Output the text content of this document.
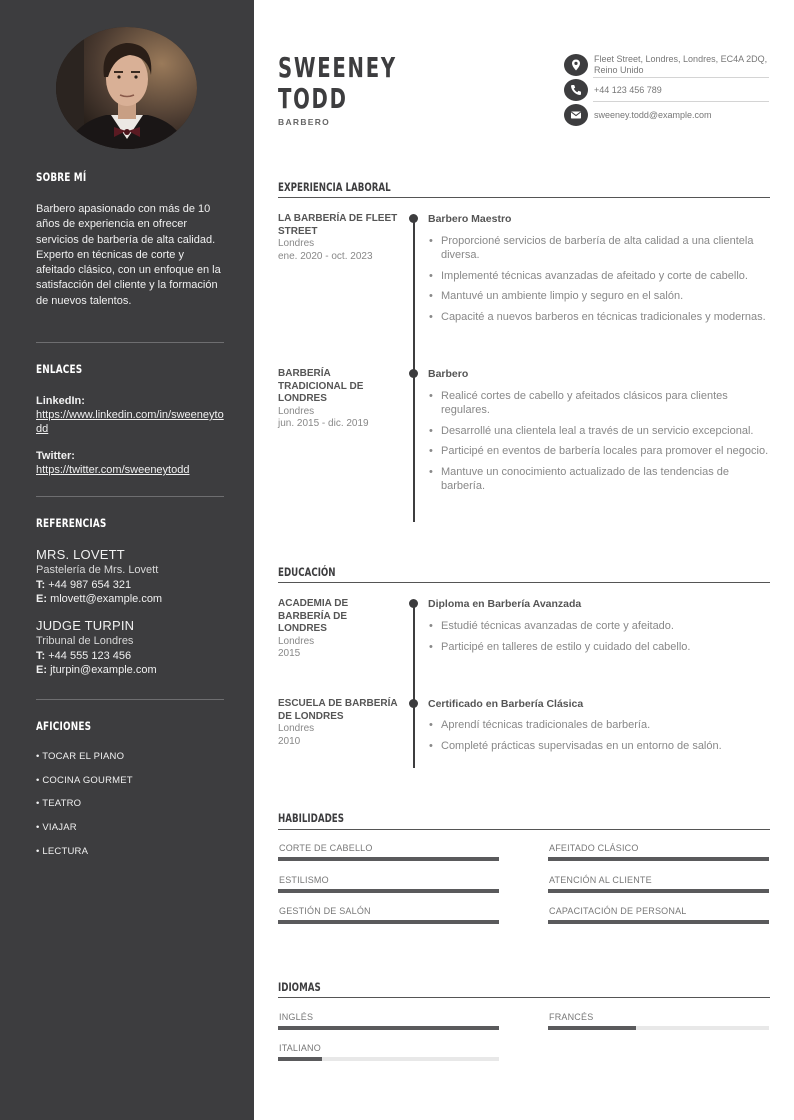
SOBRE MÍ

Barbero apasionado con más de 10 años de experiencia en ofrecer servicios de barbería de alta calidad. Experto en técnicas de corte y afeitado clásico, con un enfoque en la satisfacción del cliente y la formación de nuevos talentos.

ENLACES
LinkedIn:
https://www.linkedin.com/in/sweeneytodd
Twitter:
https://twitter.com/sweeneytodd
REFERENCIAS
MRS. LOVETT
Pastelería de Mrs. Lovett
T: +44 987 654 321
E: mlovett@example.com
JUDGE TURPIN
Tribunal de Londres
T: +44 555 123 456
E: jturpin@example.com
AFICIONES
• TOCAR EL PIANO
• COCINA GOURMET
• TEATRO
• VIAJAR
• LECTURA
SWEENEY
TODD
BARBERO
Fleet Street, Londres, Londres, EC4A 2DQ, Reino Unido
+44 123 456 789
sweeney.todd@example.com
EXPERIENCIA LABORAL
LA BARBERÍA DE FLEET STREET
Londres
ene. 2020 - oct. 2023
Barbero Maestro
• Proporcioné servicios de barbería de alta calidad a una clientela diversa.
• Implementé técnicas avanzadas de afeitado y corte de cabello.
• Mantuvé un ambiente limpio y seguro en el salón.
• Capacité a nuevos barberos en técnicas tradicionales y modernas.
BARBERÍA TRADICIONAL DE LONDRES
Londres
jun. 2015 - dic. 2019
Barbero
• Realicé cortes de cabello y afeitados clásicos para clientes regulares.
• Desarrollé una clientela leal a través de un servicio excepcional.
• Participé en eventos de barbería locales para promover el negocio.
• Mantuve un conocimiento actualizado de las tendencias de barbería.
EDUCACIÓN
ACADEMIA DE BARBERÍA DE LONDRES
Londres
2015
Diploma en Barbería Avanzada
• Estudié técnicas avanzadas de corte y afeitado.
• Participé en talleres de estilo y cuidado del cabello.
ESCUELA DE BARBERÍA DE LONDRES
Londres
2010
Certificado en Barbería Clásica
• Aprendí técnicas tradicionales de barbería.
• Completé prácticas supervisadas en un entorno de salón.
HABILIDADES
CORTE DE CABELLO	AFEITADO CLÁSICO
ESTILISMO	ATENCIÓN AL CLIENTE
GESTIÓN DE SALÓN	CAPACITACIÓN DE PERSONAL
IDIOMAS
INGLÉS	FRANCÉS
ITALIANO
